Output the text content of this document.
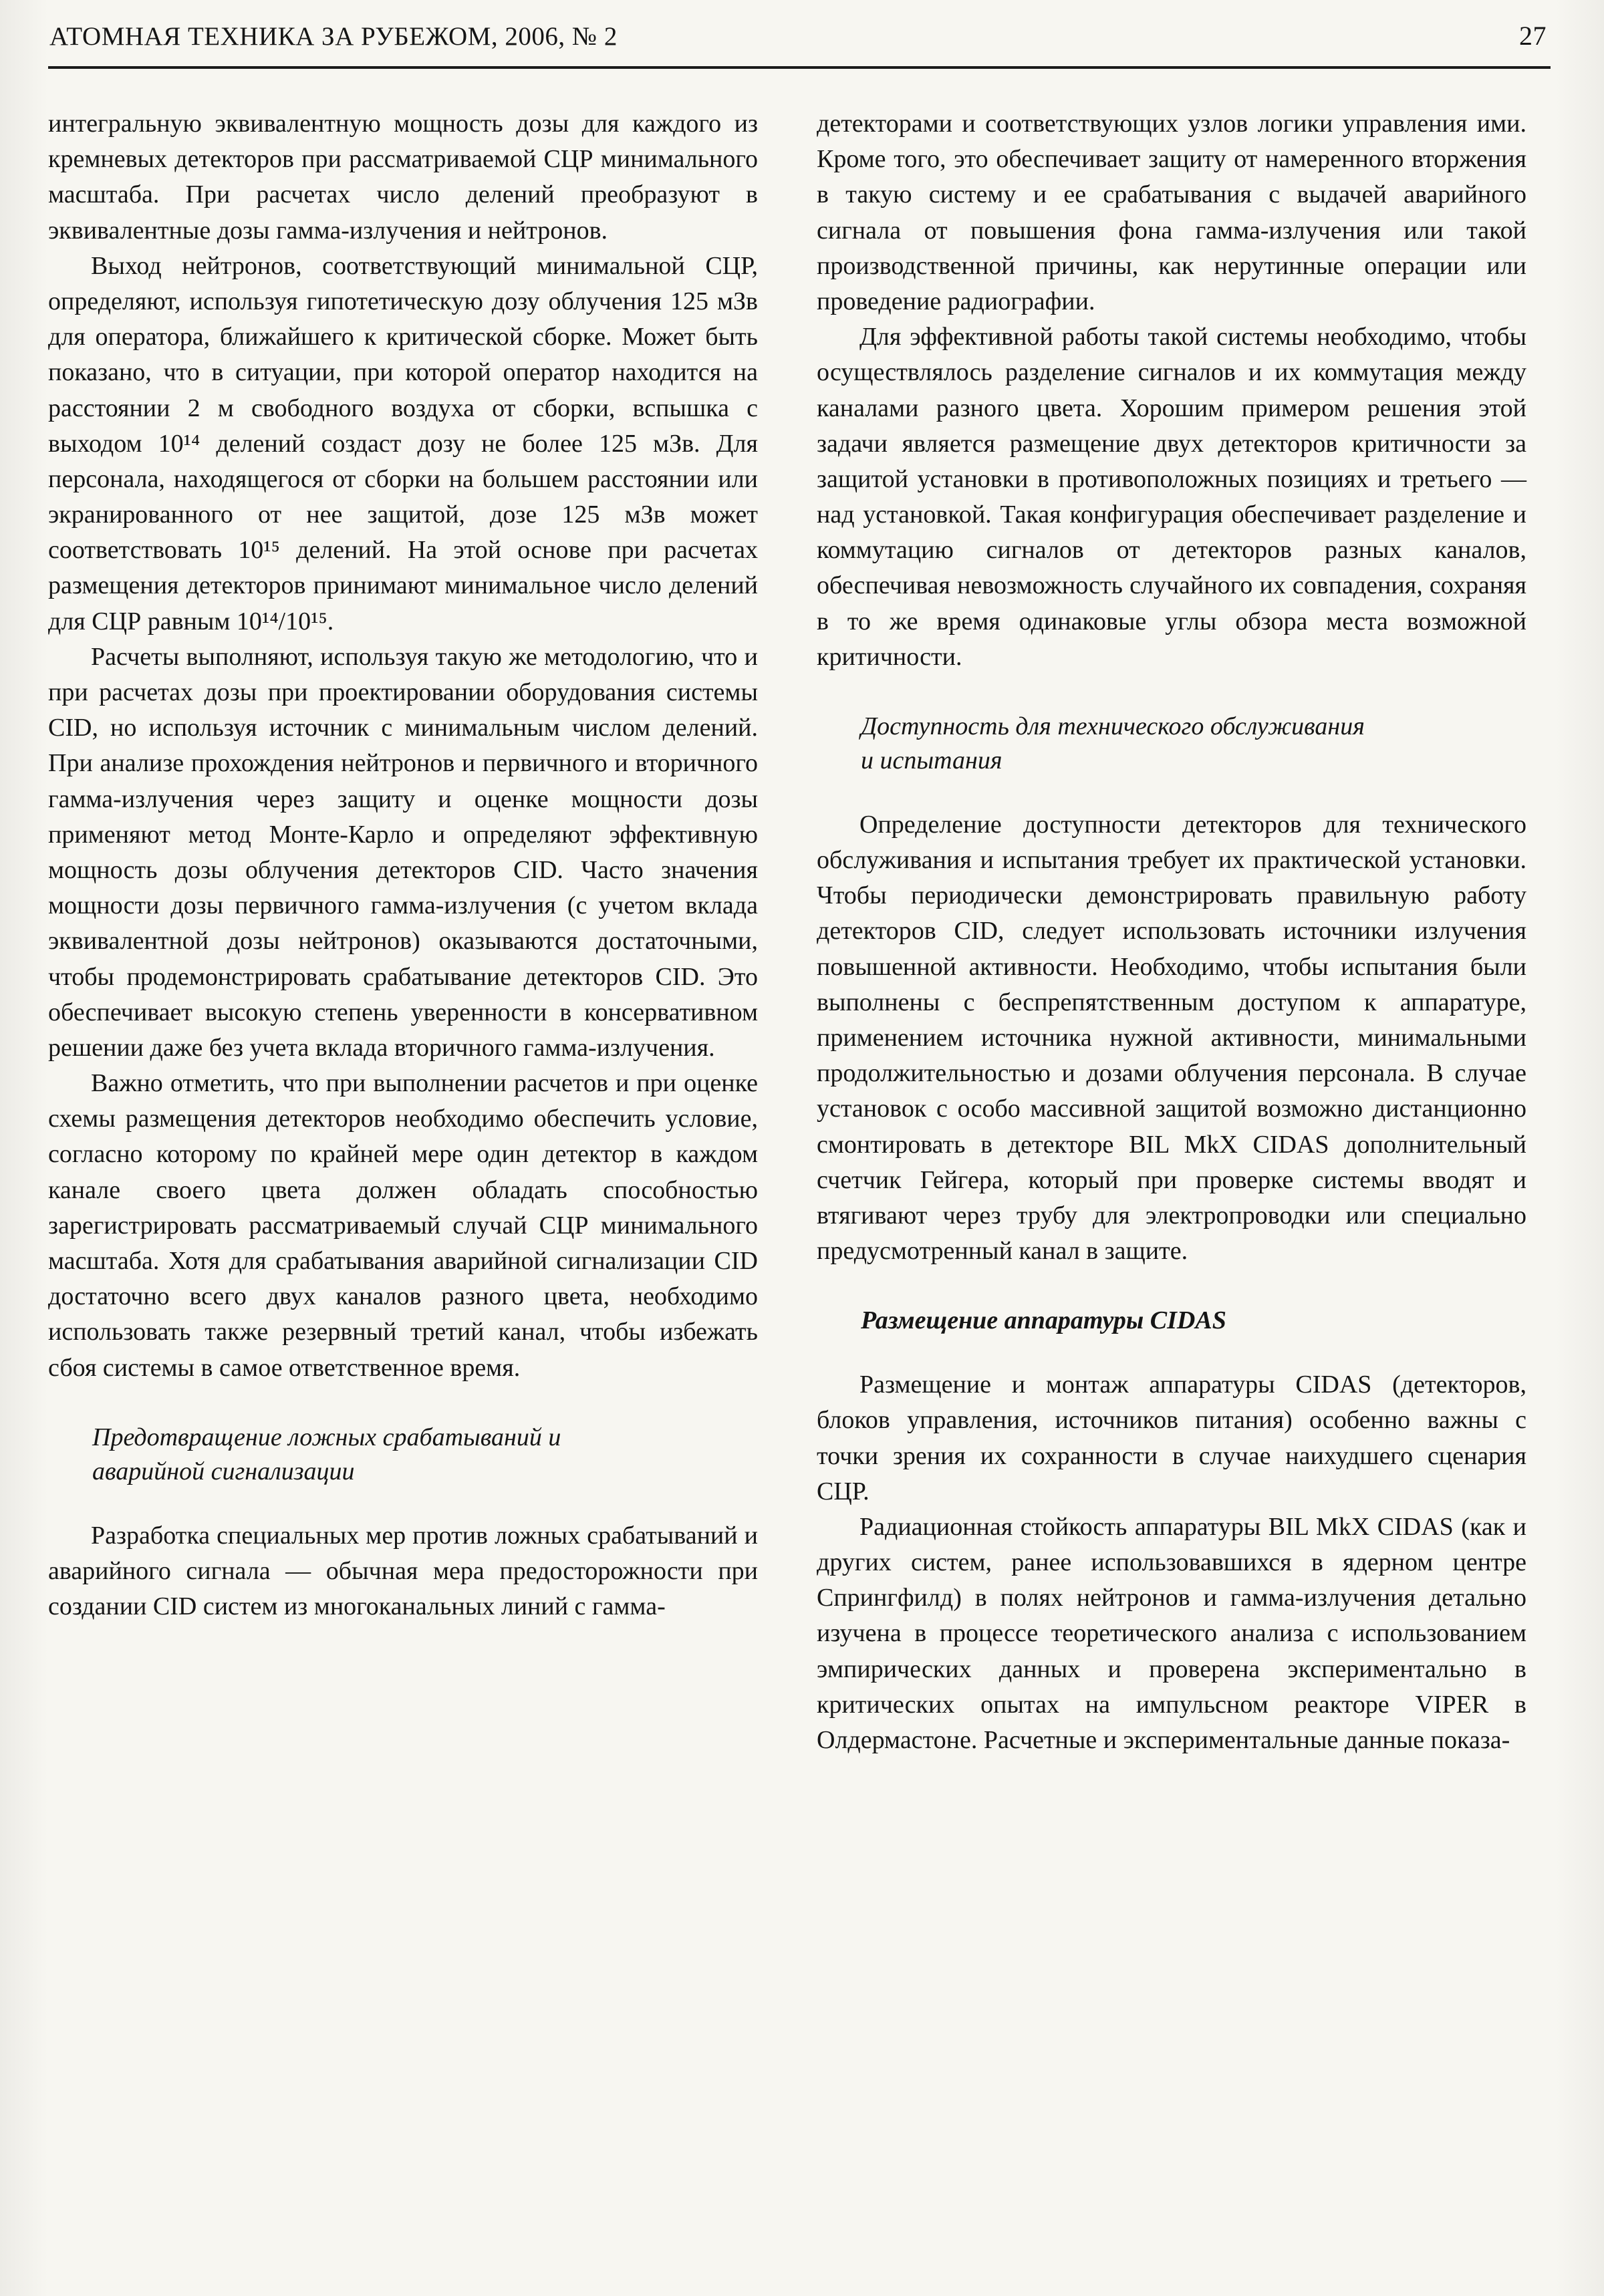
АТОМНАЯ ТЕХНИКА ЗА РУБЕЖОМ, 2006, № 2	27

интегральную эквивалентную мощность дозы для каждого из кремневых детекторов при рассматриваемой СЦР минимального масштаба. При расчетах число делений преобразуют в эквивалентные дозы гамма-излучения и нейтронов.

Выход нейтронов, соответствующий минимальной СЦР, определяют, используя гипотетическую дозу облучения 125 мЗв для оператора, ближайшего к критической сборке. Может быть показано, что в ситуации, при которой оператор находится на расстоянии 2 м свободного воздуха от сборки, вспышка с выходом 10¹⁴ делений создаст дозу не более 125 мЗв. Для персонала, находящегося от сборки на большем расстоянии или экранированного от нее защитой, дозе 125 мЗв может соответствовать 10¹⁵ делений. На этой основе при расчетах размещения детекторов принимают минимальное число делений для СЦР равным 10¹⁴/10¹⁵.

Расчеты выполняют, используя такую же методологию, что и при расчетах дозы при проектировании оборудования системы CID, но используя источник с минимальным числом делений. При анализе прохождения нейтронов и первичного и вторичного гамма-излучения через защиту и оценке мощности дозы применяют метод Монте-Карло и определяют эффективную мощность дозы облучения детекторов CID. Часто значения мощности дозы первичного гамма-излучения (с учетом вклада эквивалентной дозы нейтронов) оказываются достаточными, чтобы продемонстрировать срабатывание детекторов CID. Это обеспечивает высокую степень уверенности в консервативном решении даже без учета вклада вторичного гамма-излучения.

Важно отметить, что при выполнении расчетов и при оценке схемы размещения детекторов необходимо обеспечить условие, согласно которому по крайней мере один детектор в каждом канале своего цвета должен обладать способностью зарегистрировать рассматриваемый случай СЦР минимального масштаба. Хотя для срабатывания аварийной сигнализации CID достаточно всего двух каналов разного цвета, необходимо использовать также резервный третий канал, чтобы избежать сбоя системы в самое ответственное время.

Предотвращение ложных срабатываний и аварийной сигнализации

Разработка специальных мер против ложных срабатываний и аварийного сигнала — обычная мера предосторожности при создании CID систем из многоканальных линий с гамма-

детекторами и соответствующих узлов логики управления ими. Кроме того, это обеспечивает защиту от намеренного вторжения в такую систему и ее срабатывания с выдачей аварийного сигнала от повышения фона гамма-излучения или такой производственной причины, как нерутинные операции или проведение радиографии.

Для эффективной работы такой системы необходимо, чтобы осуществлялось разделение сигналов и их коммутация между каналами разного цвета. Хорошим примером решения этой задачи является размещение двух детекторов критичности за защитой установки в противоположных позициях и третьего — над установкой. Такая конфигурация обеспечивает разделение и коммутацию сигналов от детекторов разных каналов, обеспечивая невозможность случайного их совпадения, сохраняя в то же время одинаковые углы обзора места возможной критичности.

Доступность для технического обслуживания и испытания

Определение доступности детекторов для технического обслуживания и испытания требует их практической установки. Чтобы периодически демонстрировать правильную работу детекторов CID, следует использовать источники излучения повышенной активности. Необходимо, чтобы испытания были выполнены с беспрепятственным доступом к аппаратуре, применением источника нужной активности, минимальными продолжительностью и дозами облучения персонала. В случае установок с особо массивной защитой возможно дистанционно смонтировать в детекторе BIL MkX CIDAS дополнительный счетчик Гейгера, который при проверке системы вводят и втягивают через трубу для электропроводки или специально предусмотренный канал в защите.

Размещение аппаратуры CIDAS

Размещение и монтаж аппаратуры CIDAS (детекторов, блоков управления, источников питания) особенно важны с точки зрения их сохранности в случае наихудшего сценария СЦР.

Радиационная стойкость аппаратуры BIL MkX CIDAS (как и других систем, ранее использовавшихся в ядерном центре Спрингфилд) в полях нейтронов и гамма-излучения детально изучена в процессе теоретического анализа с использованием эмпирических данных и проверена экспериментально в критических опытах на импульсном реакторе VIPER в Олдермастоне. Расчетные и экспериментальные данные показа-
